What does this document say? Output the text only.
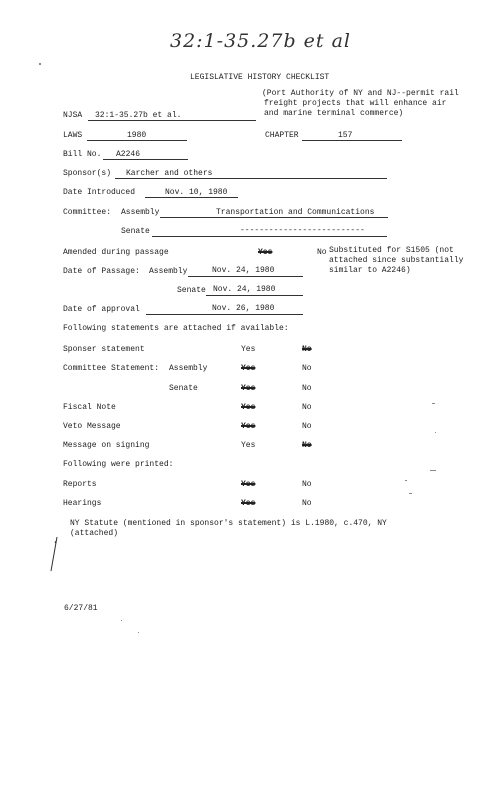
32:1-35.27b et al
LEGISLATIVE HISTORY CHECKLIST
(Port Authority of NY and NJ--permit rail
freight projects that will enhance air
and marine terminal commerce)
NJSA 32:1-35.27b et al.
LAWS	1980	CHAPTER	157
Bill No. A2246
Sponsor(s) Karcher and others
Date Introduced	Nov. 10, 1980
Committee: Assembly	Transportation and Communications
Senate	--------------------------
Amended during passage	Yes	No Substituted for S1505 (not
attached since substantially
similar to A2246)
Date of Passage: Assembly	Nov. 24, 1980
Senate Nov. 24, 1980
Date of approval	Nov. 26, 1980
Following statements are attached if available:
Sponser statement	Yes	No
Committee Statement: Assembly	Yes	No
Senate	Yes	No
Fiscal Note	Yes	No
Veto Message	Yes	No
Message on signing	Yes	No
Following were printed:
Reports	Yes	No
Hearings	Yes	No
NY Statute (mentioned in sponsor's statement) is L.1980, c.470, NY
(attached)
6/27/81
